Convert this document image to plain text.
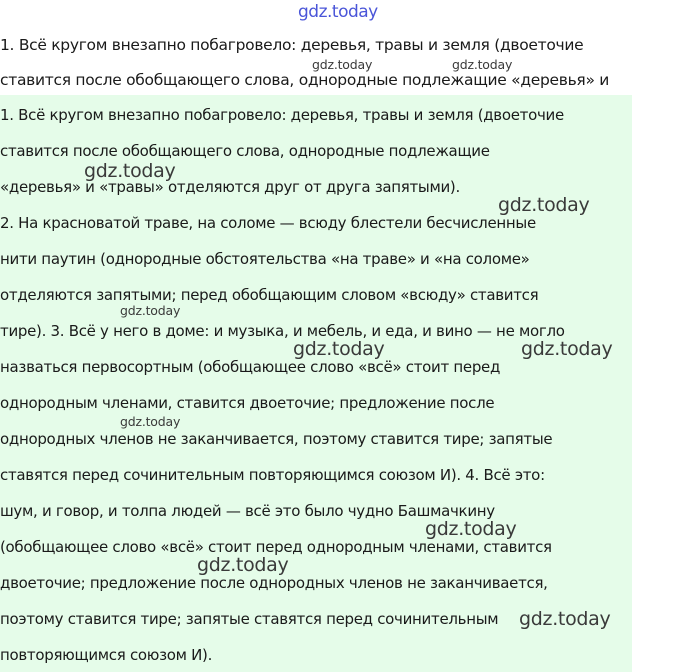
gdz.today
1. Всё кругом внезапно побагровело: деревья, травы и земля (двоеточие
ставится после обобщающего слова, однородные подлежащие «деревья» и
1. Всё кругом внезапно побагровело: деревья, травы и земля (двоеточие
ставится после обобщающего слова, однородные подлежащие
«деревья» и «травы» отделяются друг от друга запятыми).
2. На красноватой траве, на соломе — всюду блестели бесчисленные
нити паутин (однородные обстоятельства «на траве» и «на соломе»
отделяются запятыми; перед обобщающим словом «всюду» ставится
тире). 3. Всё у него в доме: и музыка, и мебель, и еда, и вино — не могло
назваться первосортным (обобщающее слово «всё» стоит перед
однородным членами, ставится двоеточие; предложение после
однородных членов не заканчивается, поэтому ставится тире; запятые
ставятся перед сочинительным повторяющимся союзом И). 4. Всё это:
шум, и говор, и толпа людей — всё это было чудно Башмачкину
(обобщающее слово «всё» стоит перед однородным членами, ставится
двоеточие; предложение после однородных членов не заканчивается,
поэтому ставится тире; запятые ставятся перед сочинительным
повторяющимся союзом И).
gdz.today	gdz.today
gdz.today
gdz.today
gdz.today
gdz.today	gdz.today
gdz.today
gdz.today
gdz.today
gdz.today
